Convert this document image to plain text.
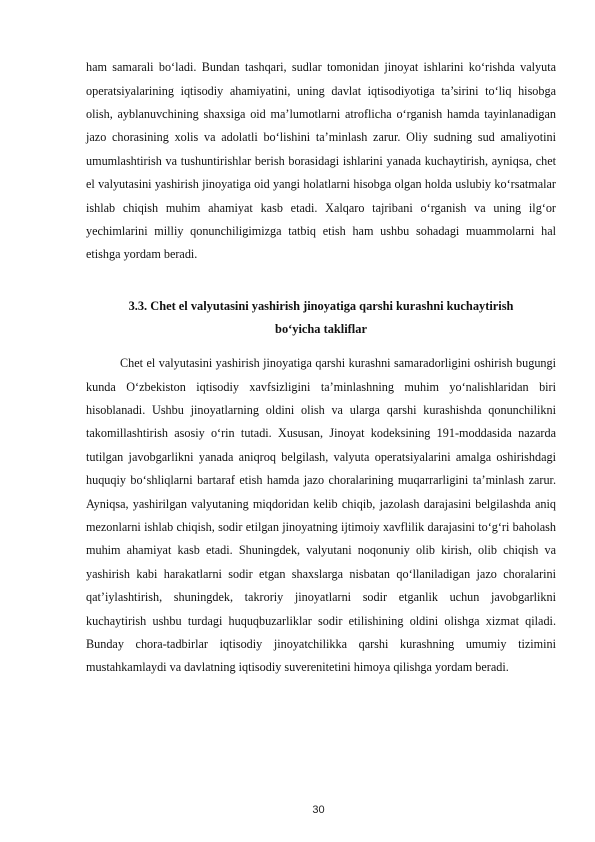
ham samarali bo‘ladi. Bundan tashqari, sudlar tomonidan jinoyat ishlarini ko‘rishda valyuta operatsiyalarining iqtisodiy ahamiyatini, uning davlat iqtisodiyotiga ta’sirini to‘liq hisobga olish, ayblanuvchining shaxsiga oid ma’lumotlarni atroflicha o‘rganish hamda tayinlanadigan jazo chorasining xolis va adolatli bo‘lishini ta’minlash zarur. Oliy sudning sud amaliyotini umumlashtirish va tushuntirishlar berish borasidagi ishlarini yanada kuchaytirish, ayniqsa, chet el valyutasini yashirish jinoyatiga oid yangi holatlarni hisobga olgan holda uslubiy ko‘rsatmalar ishlab chiqish muhim ahamiyat kasb etadi. Xalqaro tajribani o‘rganish va uning ilg‘or yechimlarini milliy qonunchiligimizga tatbiq etish ham ushbu sohadagi muammolarni hal etishga yordam beradi.

3.3. Chet el valyutasini yashirish jinoyatiga qarshi kurashni kuchaytirish
bo‘yicha takliflar

Chet el valyutasini yashirish jinoyatiga qarshi kurashni samaradorligini oshirish bugungi kunda O‘zbekiston iqtisodiy xavfsizligini ta’minlashning muhim yo‘nalishlaridan biri hisoblanadi. Ushbu jinoyatlarning oldini olish va ularga qarshi kurashishda qonunchilikni takomillashtirish asosiy o‘rin tutadi. Xususan, Jinoyat kodeksining 191-moddasida nazarda tutilgan javobgarlikni yanada aniqroq belgilash, valyuta operatsiyalarini amalga oshirishdagi huquqiy bo‘shliqlarni bartaraf etish hamda jazo choralarining muqarrarligini ta’minlash zarur. Ayniqsa, yashirilgan valyutaning miqdoridan kelib chiqib, jazolash darajasini belgilashda aniq mezonlarni ishlab chiqish, sodir etilgan jinoyatning ijtimoiy xavflilik darajasini to‘g‘ri baholash muhim ahamiyat kasb etadi. Shuningdek, valyutani noqonuniy olib kirish, olib chiqish va yashirish kabi harakatlarni sodir etgan shaxslarga nisbatan qo‘llaniladigan jazo choralarini qat’iylashtirish, shuningdek, takroriy jinoyatlarni sodir etganlik uchun javobgarlikni kuchaytirish ushbu turdagi huquqbuzarliklar sodir etilishining oldini olishga xizmat qiladi. Bunday chora-tadbirlar iqtisodiy jinoyatchilikka qarshi kurashning umumiy tizimini mustahkamlaydi va davlatning iqtisodiy suverenitetini himoya qilishga yordam beradi.

30
